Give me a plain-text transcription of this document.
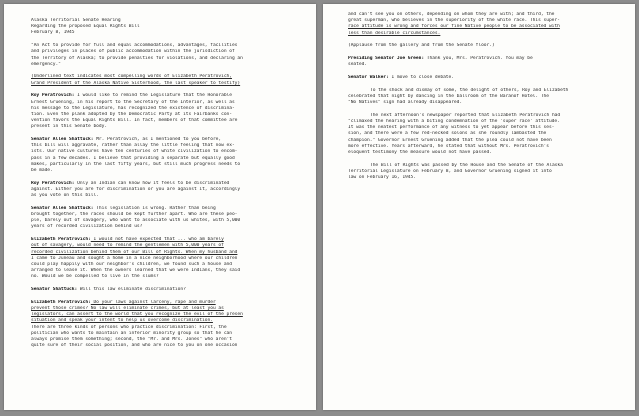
Alaska Territorial Senate Hearing
Regarding the proposed Equal Rights Bill
February 8, 1945
"An Act to provide for full and equal accommodations, advantages, facilities
and privileges in places of public accommodation within the jurisdiction of
the Territory of Alaska; to provide penalties for violations, and declaring an
emergency."
(Underlined text indicates most compelling words of Elizabeth Peratrovich,
Grand President of the Alaska Native Sisterhood, the last speaker to testify)
Roy Peratrovich: I would like to remind the Legislature that the Honorable
Ernest Gruening, in his report to the Secretary of the Interior, as well as
his message to the Legislature, has recognized the existence of discrimina-
tion. Even the plank adopted by the Democratic Party at its Fairbanks con-
vention favors the Equal Rights Bill. In fact, members of that committee are
present in this Senate body.
Senator Allen Shattuck: Mr. Peratrovich, as I mentioned to you before,
this bill will aggravate, rather than allay the little feeling that now ex-
ists. Our native cultures have ten centuries of white civilization to encom-
pass in a few decades. I believe that providing a separate but equally good
makes, particularly in the last fifty years, but still much progress needs to
be made.
Roy Peratrovich: Only an Indian can know how it feels to be discriminated
against. Either you are for discrimination or you are against it, accordingly
as you vote on this bill.
Senator Allen Shattuck: This legislation is wrong. Rather than being
brought together, the races should be kept further apart. Who are these peo-
ple, barely out of savagery, who want to associate with us whites, with 5,000
years of recorded civilization behind us?
Elizabeth Peratrovich: I would not have expected that ... who am barely
out of savagery, would need to remind the gentlemen with 5,000 years of
recorded civilization behind them of our Bill of Rights. When my husband and
I came to Juneau and sought a home in a nice neighborhood where our children
could play happily with our neighbor's children, we found such a house and
arranged to lease it. When the owners learned that we were Indians, they said
no. Would we be compelled to live in the slums?
Senator Shattuck: Will this law eliminate discrimination?
Elizabeth Peratrovich: Do your laws against larceny, rape and murder
prevent those crimes? No law will eliminate crimes, but at least you as
legislators, can assert to the world that you recognize the evil of the presen
situation and speak your intent to help us overcome discrimination.
There are three kinds of persons who practice discrimination: First, the
politician who wants to maintain an inferior minority group so that he can
always promise them something; second, the "Mr. and Mrs. Jones" who aren't
quite sure of their social position, and who are nice to you on one occasion
and can't see you on others, depending on whom they are with; and third, the
great superman, who believes in the superiority of the white race. This super-
race attitude is wrong and forces our fine Native people to be associated with
less than desirable circumstances.
(Applause from the gallery and from the Senate floor.)
Presiding Senator Joe Green: Thank you, Mrs. Peratrovich. You may be
seated.
Senator Walker: I move to close debate.
To the shock and dismay of some, the delight of others, Roy and Elizabeth
celebrated that night by dancing in the ballroom of the Baranof Hotel. The
"No Natives" sign had already disappeared.
The next afternoon's newspaper reported that Elizabeth Peratrovich had
"climaxed the hearing with a biting condemnation of the 'super race' attitude.
It was the neatest performance of any witness to yet appear before this ses-
sion, and there were a few red-necked solons as she roundly lambasted the
champion." Governor Ernest Gruening added that the plea could not have been
more effective. Years afterward, he stated that without Mrs. Peratrovich's
eloquent testimony the measure would not have passed.
The Bill of Rights was passed by the House and the Senate of the Alaska
Territorial Legislature on February 8, and Governor Gruening signed it into
law on February 16, 1945.
